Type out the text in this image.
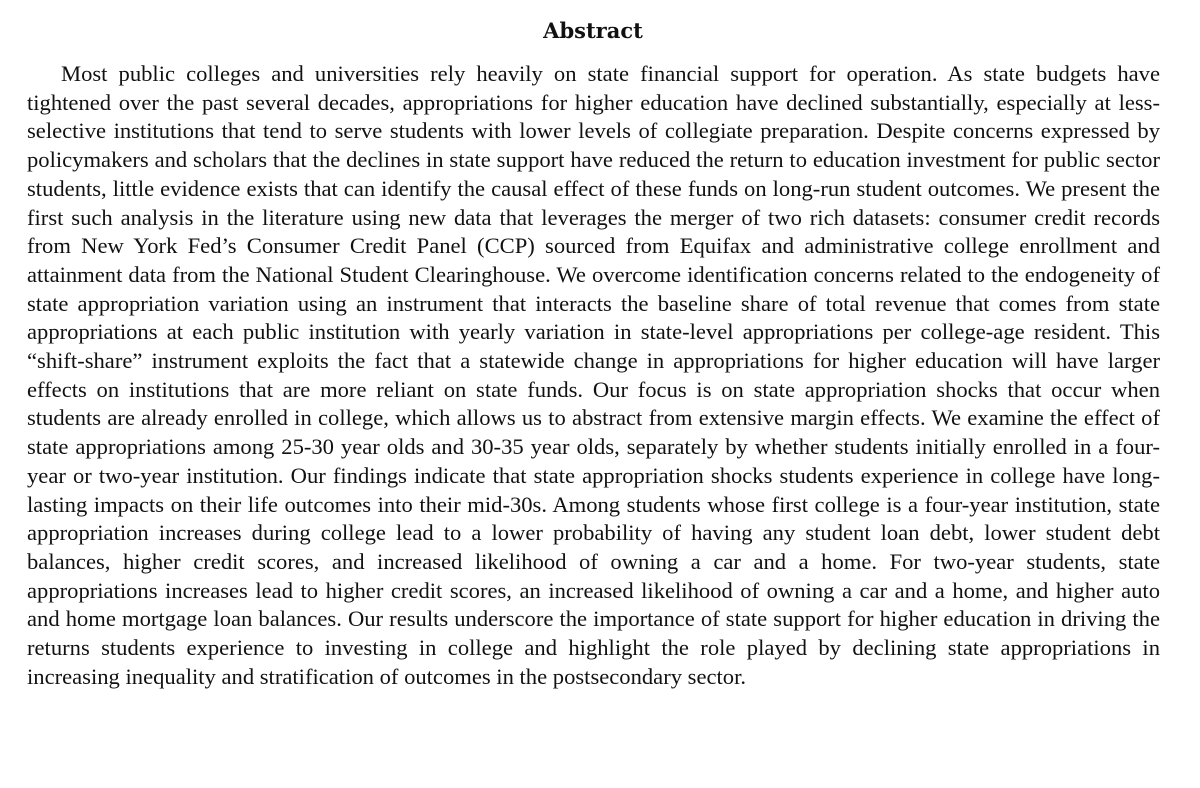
Abstract

Most public colleges and universities rely heavily on state financial support for operation. As state budgets have tightened over the past several decades, appropriations for higher education have declined substantially, especially at less-selective institutions that tend to serve students with lower levels of collegiate preparation. Despite concerns expressed by policymakers and scholars that the declines in state support have reduced the return to education investment for public sector students, little evidence exists that can identify the causal effect of these funds on long-run student outcomes. We present the first such analysis in the literature using new data that leverages the merger of two rich datasets: consumer credit records from New York Fed’s Consumer Credit Panel (CCP) sourced from Equifax and administrative college enrollment and attainment data from the National Student Clearinghouse. We overcome identification concerns related to the endogeneity of state appropriation variation using an instrument that interacts the baseline share of total revenue that comes from state appropriations at each public institution with yearly variation in state-level appropriations per college-age resident. This “shift-share” instrument exploits the fact that a statewide change in appropriations for higher education will have larger effects on institutions that are more reliant on state funds. Our focus is on state appropriation shocks that occur when students are already enrolled in college, which allows us to abstract from extensive margin effects. We examine the effect of state appropriations among 25-30 year olds and 30-35 year olds, separately by whether students initially enrolled in a four-year or two-year institution. Our findings indicate that state appropriation shocks students experience in college have long-lasting impacts on their life outcomes into their mid-30s. Among students whose first college is a four-year institution, state appropriation increases during college lead to a lower probability of having any student loan debt, lower student debt balances, higher credit scores, and increased likelihood of owning a car and a home. For two-year students, state appropriations increases lead to higher credit scores, an increased likelihood of owning a car and a home, and higher auto and home mortgage loan balances. Our results underscore the importance of state support for higher education in driving the returns students experience to investing in college and highlight the role played by declining state appropriations in increasing inequality and stratification of outcomes in the postsecondary sector.
